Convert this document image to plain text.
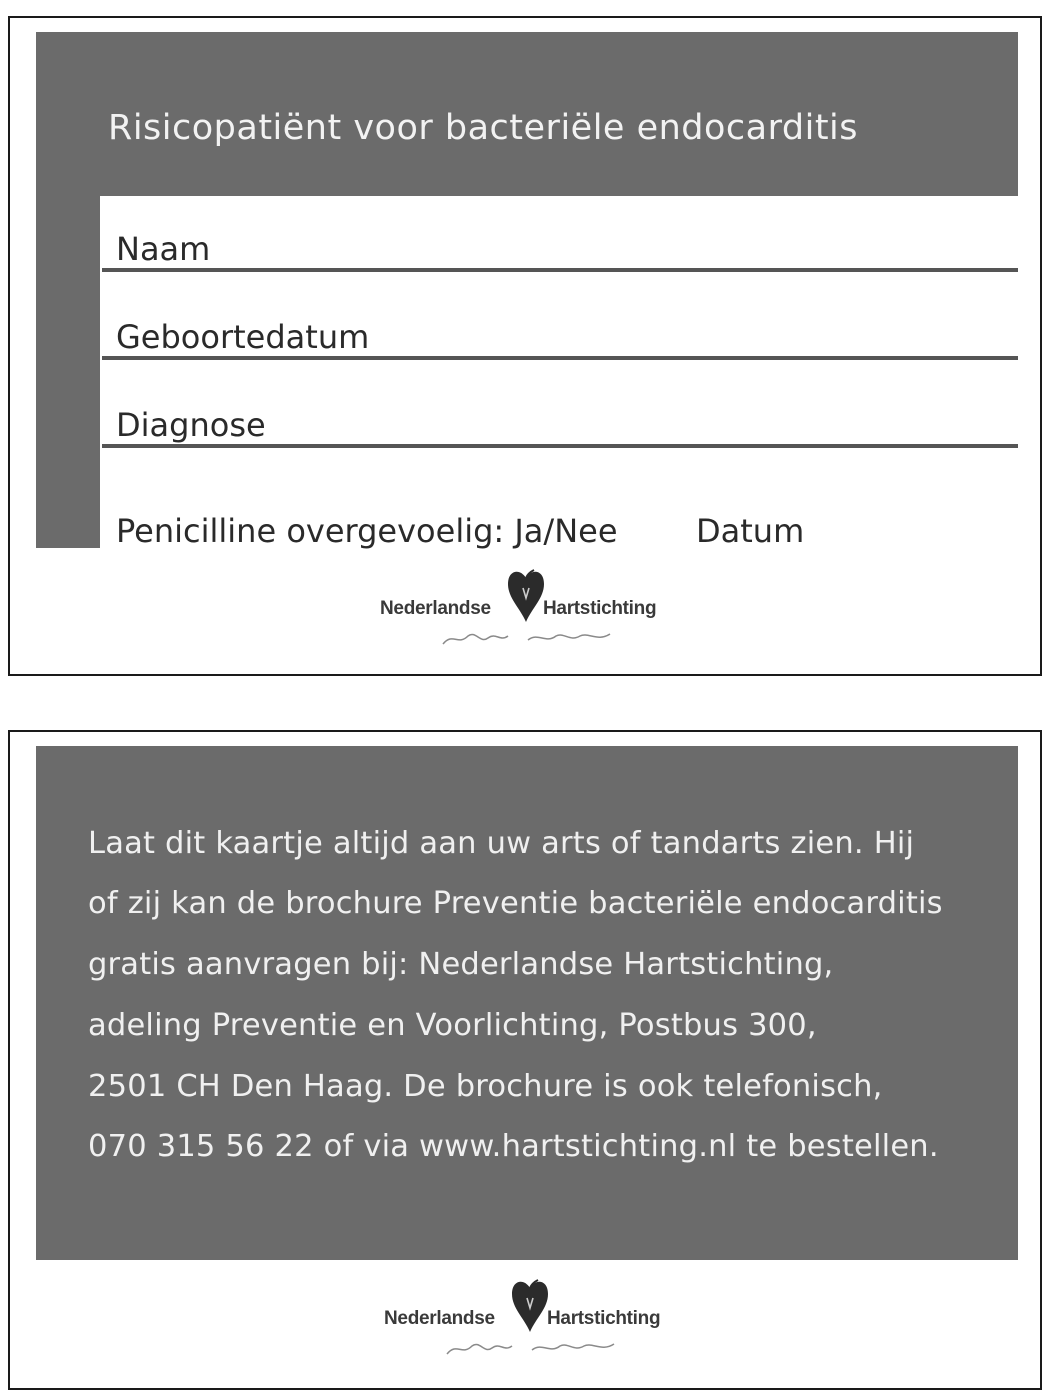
Risicopatiënt voor bacteriële endocarditis
Naam
Geboortedatum
Diagnose
Penicilline overgevoelig: Ja/Nee Datum
Nederlandse	Hartstichting
Laat dit kaartje altijd aan uw arts of tandarts zien. Hij
of zij kan de brochure Preventie bacteriële endocarditis
gratis aanvragen bij: Nederlandse Hartstichting,
adeling Preventie en Voorlichting, Postbus 300,
2501 CH Den Haag. De brochure is ook telefonisch,
070 315 56 22 of via www.hartstichting.nl te bestellen.
Nederlandse	Hartstichting
